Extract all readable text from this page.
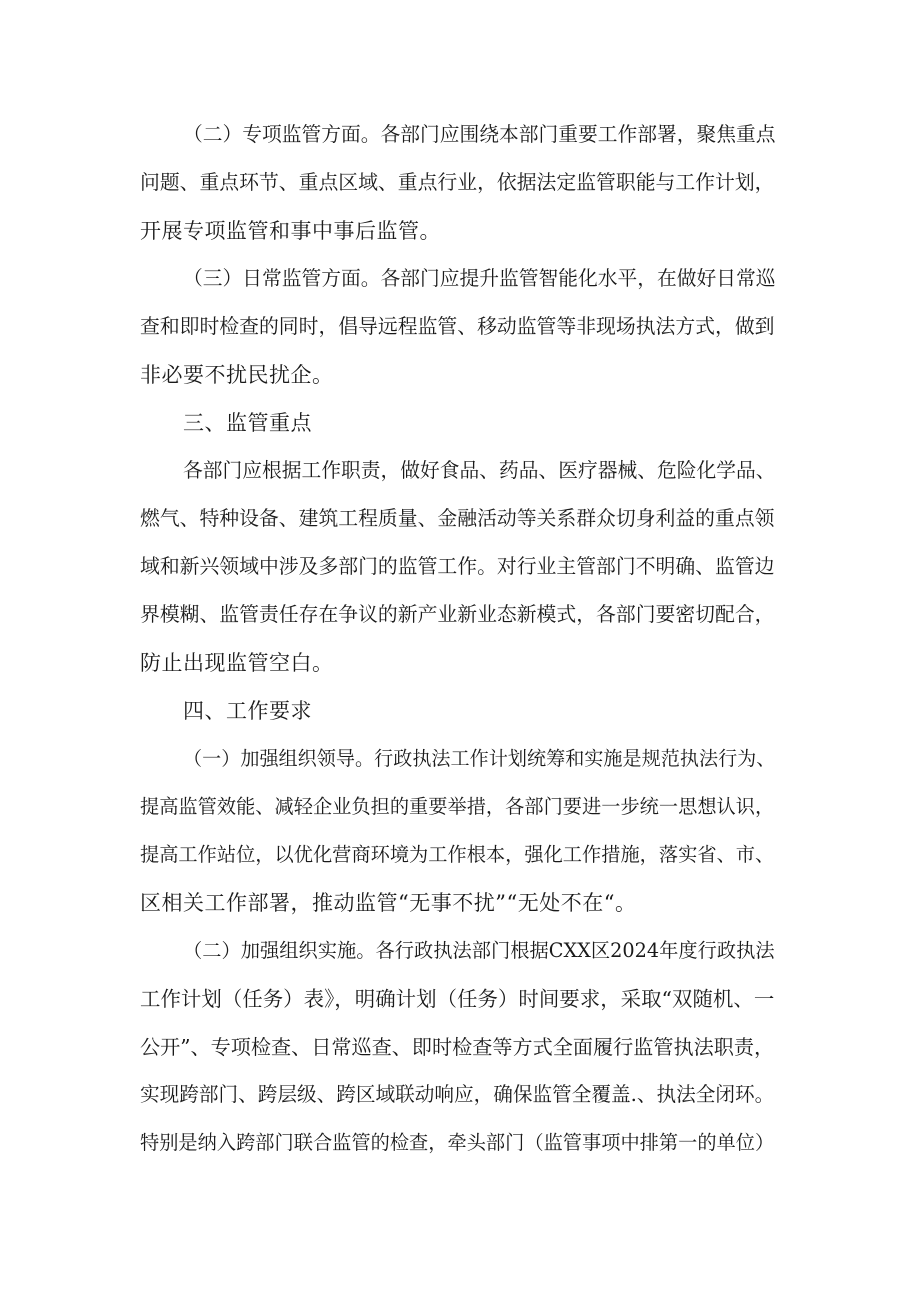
（二）专项监管方面。各部门应围绕本部门重要工作部署，聚焦重点
问题、重点环节、重点区域、重点行业，依据法定监管职能与工作计划，
开展专项监管和事中事后监管。
（三）日常监管方面。各部门应提升监管智能化水平，在做好日常巡
查和即时检查的同时，倡导远程监管、移动监管等非现场执法方式，做到
非必要不扰民扰企。
三、监管重点
各部门应根据工作职责，做好食品、药品、医疗器械、危险化学品、
燃气、特种设备、建筑工程质量、金融活动等关系群众切身利益的重点领
域和新兴领域中涉及多部门的监管工作。对行业主管部门不明确、监管边
界模糊、监管责任存在争议的新产业新业态新模式，各部门要密切配合，
防止出现监管空白。
四、工作要求
（一）加强组织领导。行政执法工作计划统筹和实施是规范执法行为、
提高监管效能、减轻企业负担的重要举措，各部门要进一步统一思想认识，
提高工作站位，以优化营商环境为工作根本，强化工作措施，落实省、市、
区相关工作部署，推动监管“无事不扰”“无处不在“。
（二）加强组织实施。各行政执法部门根据CXX区2024年度行政执法
工作计划（任务）表》，明确计划（任务）时间要求，采取“双随机、一
公开”、专项检查、日常巡查、即时检查等方式全面履行监管执法职责，
实现跨部门、跨层级、跨区域联动响应，确保监管全覆盖.、执法全闭环。
特别是纳入跨部门联合监管的检查，牵头部门（监管事项中排第一的单位）
